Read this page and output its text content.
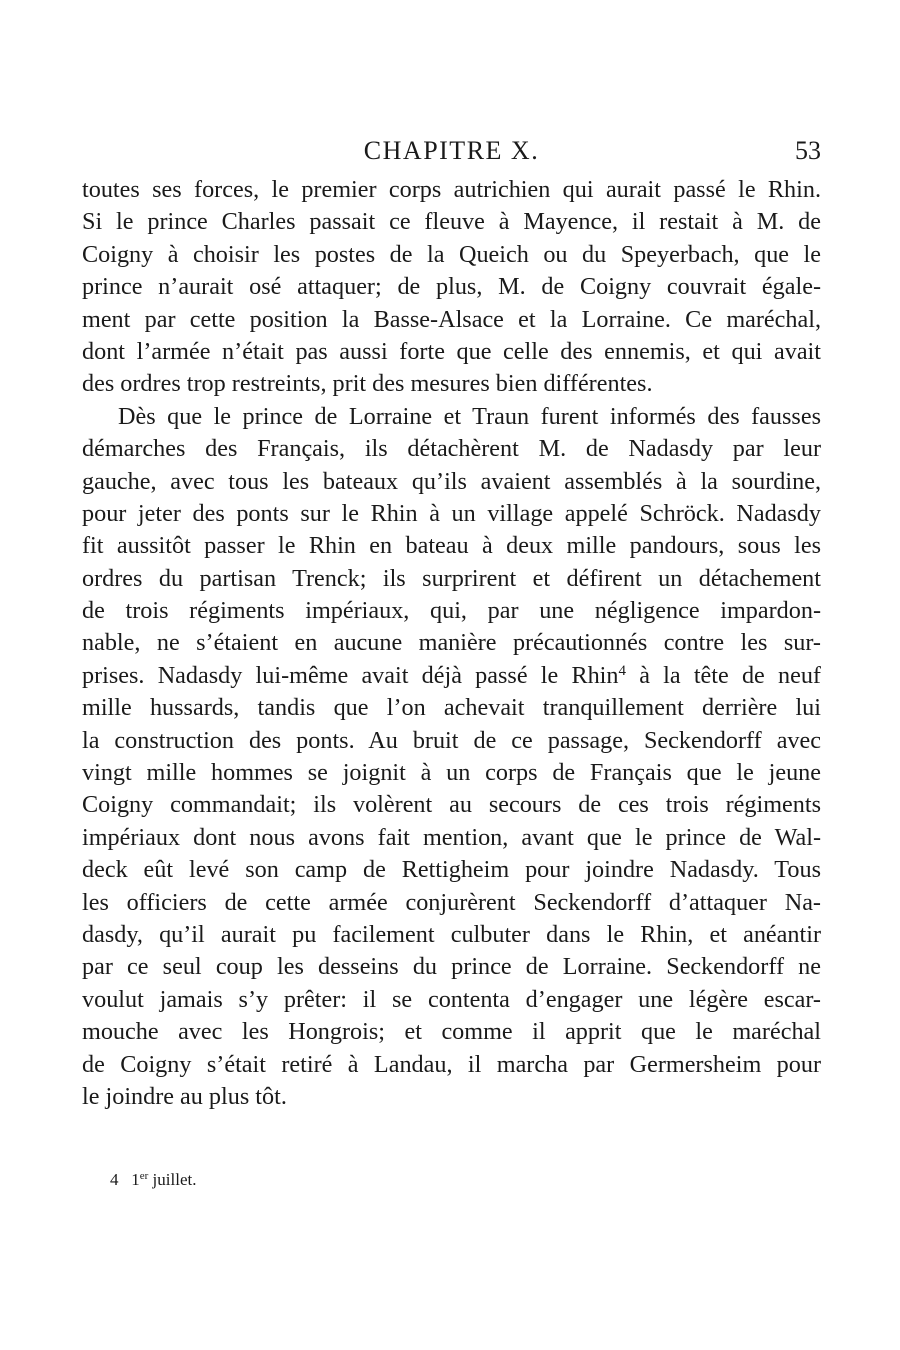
CHAPITRE X.	53
toutes ses forces, le premier corps autrichien qui aurait passé le Rhin.
Si le prince Charles passait ce fleuve à Mayence, il restait à M. de
Coigny à choisir les postes de la Queich ou du Speyerbach, que le
prince n’aurait osé attaquer; de plus, M. de Coigny couvrait égale-
ment par cette position la Basse-Alsace et la Lorraine. Ce maréchal,
dont l’armée n’était pas aussi forte que celle des ennemis, et qui avait
des ordres trop restreints, prit des mesures bien différentes.
Dès que le prince de Lorraine et Traun furent informés des fausses
démarches des Français, ils détachèrent M. de Nadasdy par leur
gauche, avec tous les bateaux qu’ils avaient assemblés à la sourdine,
pour jeter des ponts sur le Rhin à un village appelé Schröck. Nadasdy
fit aussitôt passer le Rhin en bateau à deux mille pandours, sous les
ordres du partisan Trenck; ils surprirent et défirent un détachement
de trois régiments impériaux, qui, par une négligence impardon-
nable, ne s’étaient en aucune manière précautionnés contre les sur-
prises. Nadasdy lui-même avait déjà passé le Rhin$^4$ à la tête de neuf
mille hussards, tandis que l’on achevait tranquillement derrière lui
la construction des ponts. Au bruit de ce passage, Seckendorff avec
vingt mille hommes se joignit à un corps de Français que le jeune
Coigny commandait; ils volèrent au secours de ces trois régiments
impériaux dont nous avons fait mention, avant que le prince de Wal-
deck eût levé son camp de Rettigheim pour joindre Nadasdy. Tous
les officiers de cette armée conjurèrent Seckendorff d’attaquer Na-
dasdy, qu’il aurait pu facilement culbuter dans le Rhin, et anéantir
par ce seul coup les desseins du prince de Lorraine. Seckendorff ne
voulut jamais s’y prêter: il se contenta d’engager une légère escar-
mouche avec les Hongrois; et comme il apprit que le maréchal
de Coigny s’était retiré à Landau, il marcha par Germersheim pour
le joindre au plus tôt.
4 1er juillet.
